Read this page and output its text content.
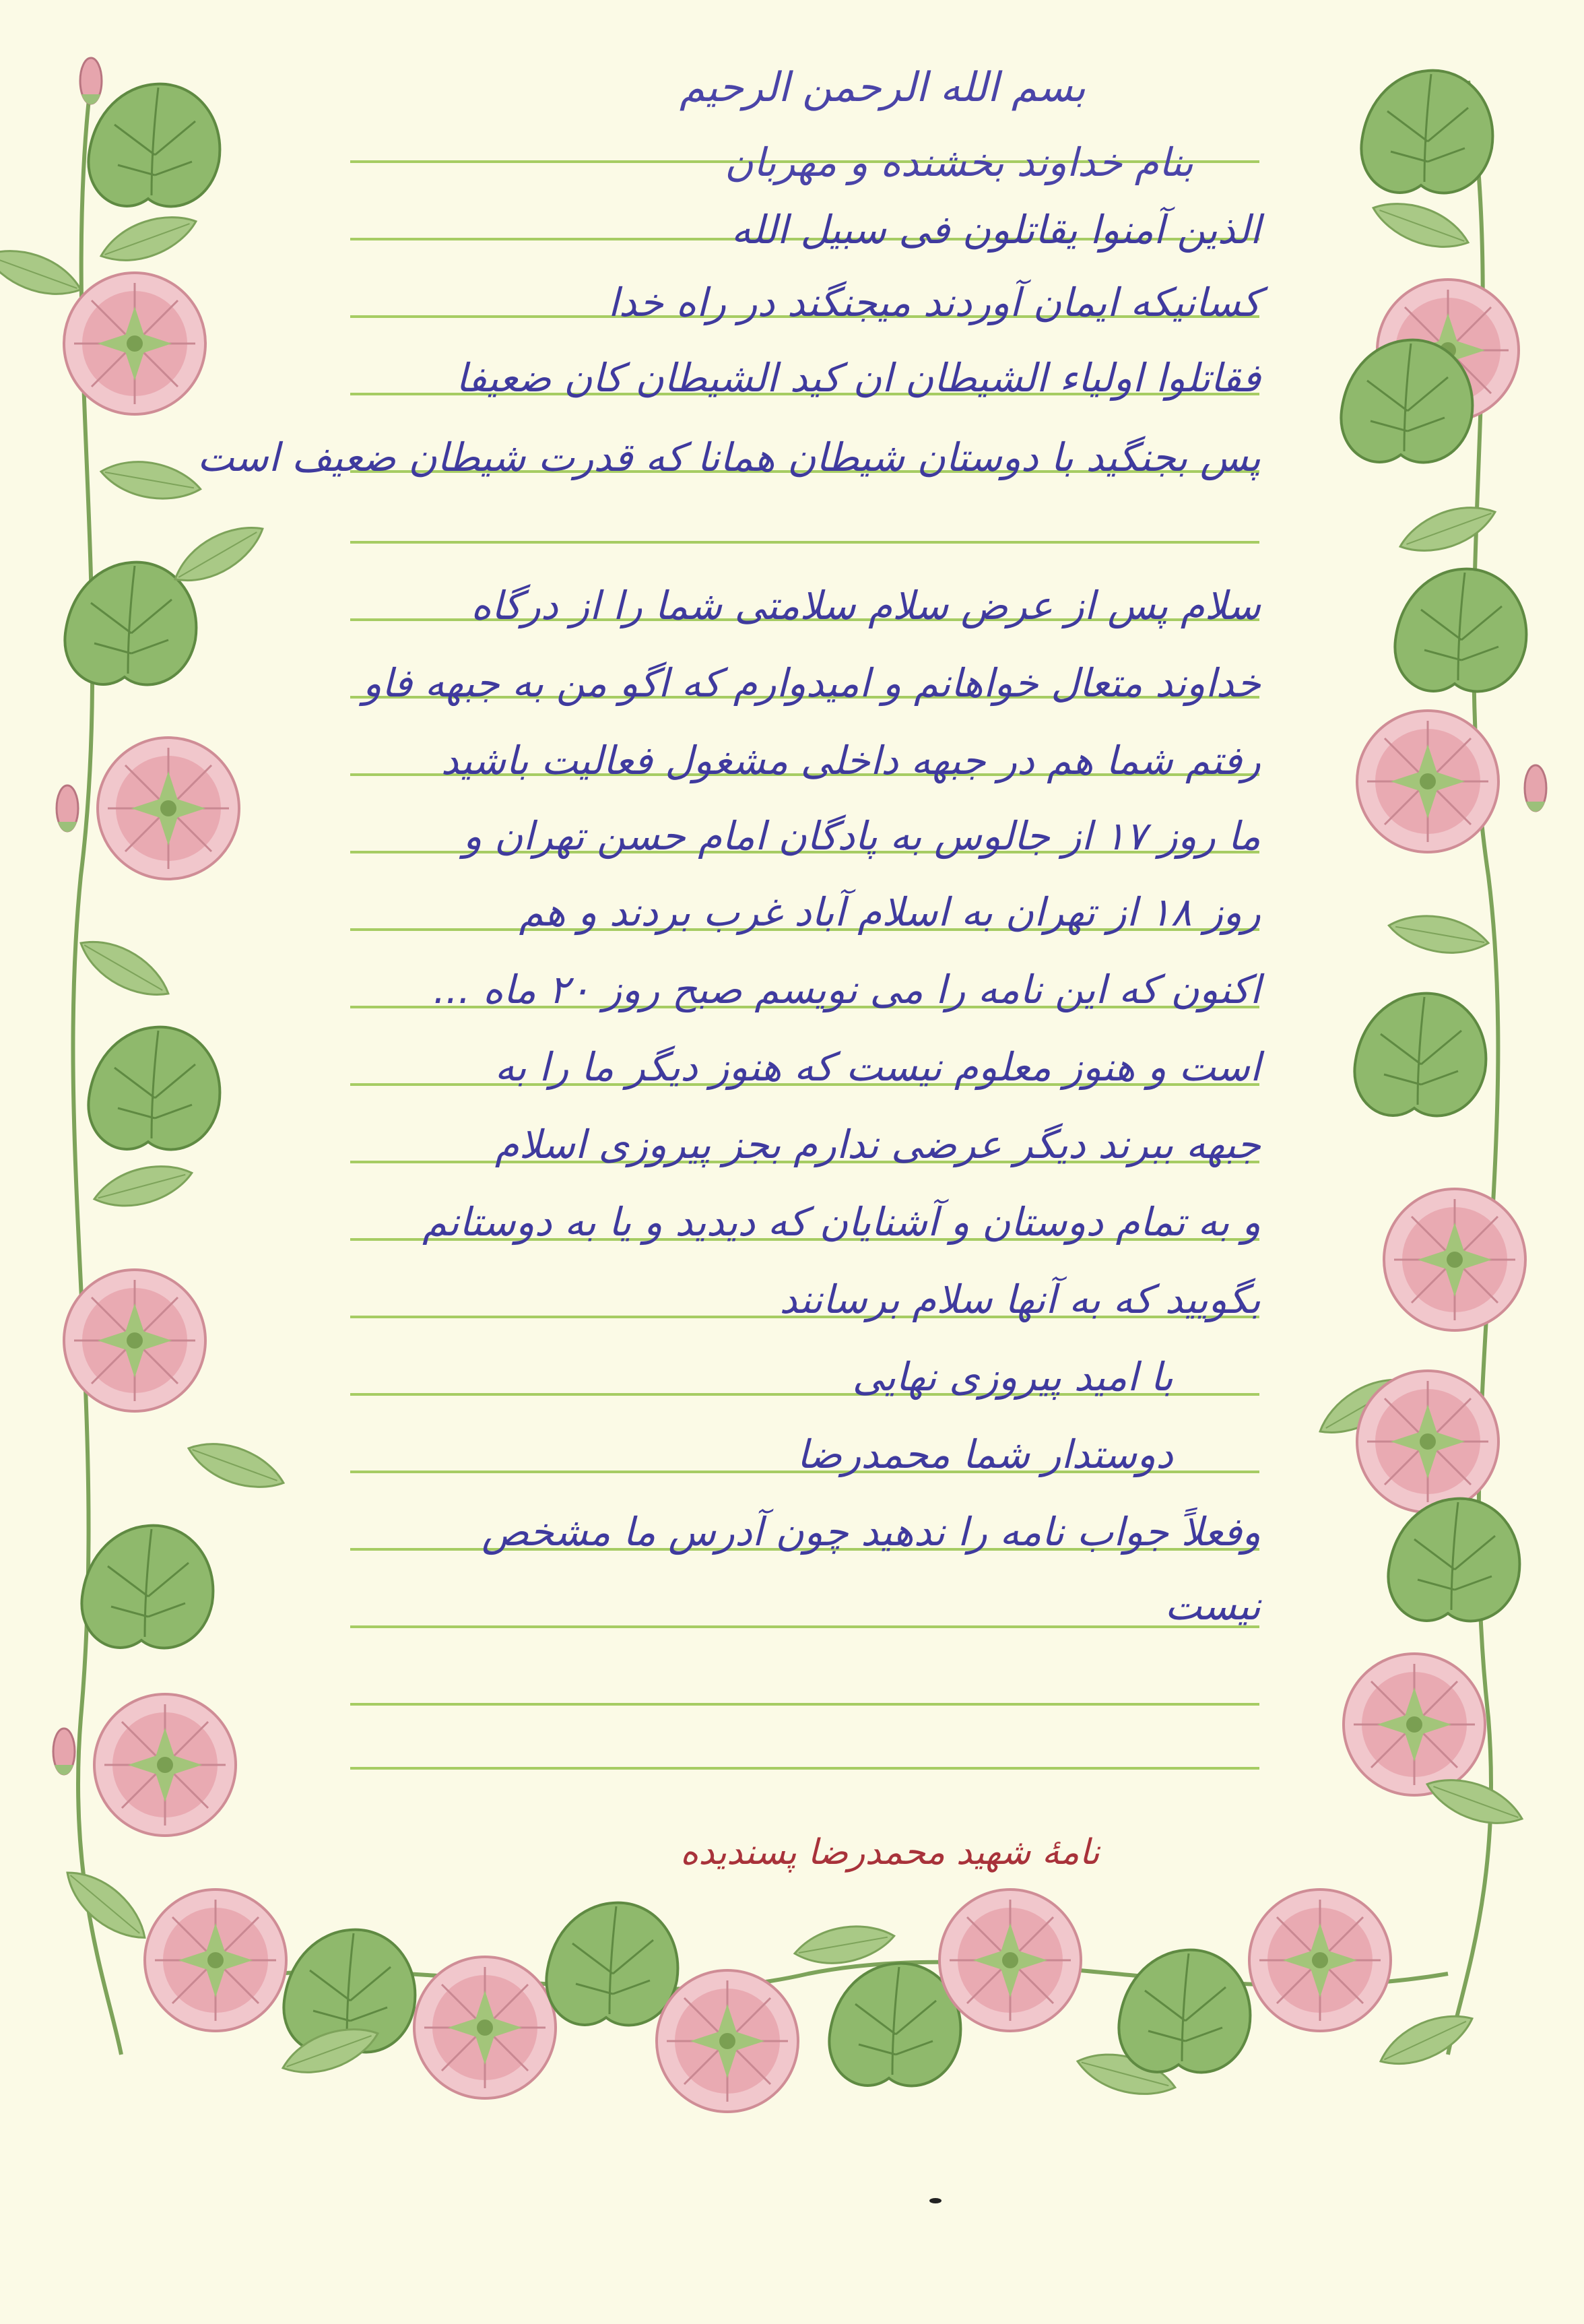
بسم الله الرحمن الرحیم

بنام خداوند بخشنده و مهربان

الذین آمنوا یقاتلون فی سبیل الله

کسانیکه ایمان آوردند میجنگند در راه خدا

فقاتلوا اولیاء الشیطان ان کید الشیطان کان ضعیفا

پس بجنگید با دوستان شیطان همانا که قدرت شیطان ضعیف است

سلام پس از عرض سلام سلامتی شما را از درگاه

خداوند متعال خواهانم و امیدوارم که اگو من به جبهه فاو

رفتم شما هم در جبهه داخلی مشغول فعالیت باشید

ما روز ۱۷ از جالوس به پادگان امام حسن تهران و

روز ۱۸ از تهران به اسلام آباد غرب بردند و هم

اکنون که این نامه را می نویسم صبح روز ۲۰ ماه ...

است و هنوز معلوم نیست که هنوز دیگر ما را به

جبهه ببرند دیگر عرضی ندارم بجز پیروزی اسلام

و به تمام دوستان و آشنایان که دیدید و یا به دوستانم

بگویید که به آنها سلام برسانند

با امید پیروزی نهایی

دوستدار شما محمدرضا

وفعلاً جواب نامه را ندهید چون آدرس ما مشخص

نیست

نامهٔ شهید محمدرضا پسندیده
